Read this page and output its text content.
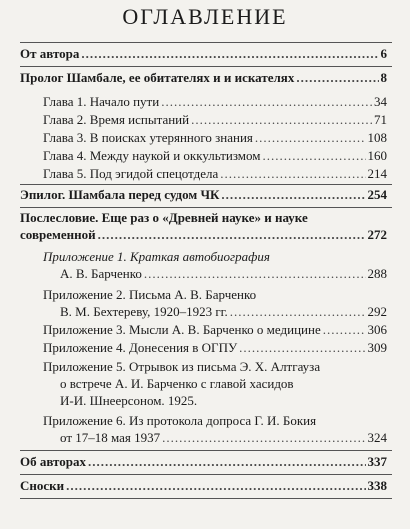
ОГЛАВЛЕНИЕ
От автора .....	6
Пролог Шамбале, ее обитателях и и искателях .....	8
Глава 1. Начало пути .....	34
Глава 2. Время испытаний .....	71
Глава 3. В поисках утерянного знания .....	108
Глава 4. Между наукой и оккультизмом .....	160
Глава 5. Под эгидой спецотдела .....	214
Эпилог. Шамбала перед судом ЧК .....	254
Послесловие. Еще раз о «Древней науке» и науке
современной .....	272
Приложение 1. Краткая автобиография
А. В. Барченко .....	288
Приложение 2. Письма А. В. Барченко
В. М. Бехтереву, 1920–1923 гг. .....	292
Приложение 3. Мысли А. В. Барченко о медицине .....	306
Приложение 4. Донесения в ОГПУ .....	309
Приложение 5. Отрывок из письма Э. Х. Алтгауза
о встрече А. И. Барченко с главой хасидов
И-И. Шнеерсоном. 1925.
Приложение 6. Из протокола допроса Г. И. Бокия
от 17–18 мая 1937 .....	324
Об авторах .....	337
Сноски .....	338
